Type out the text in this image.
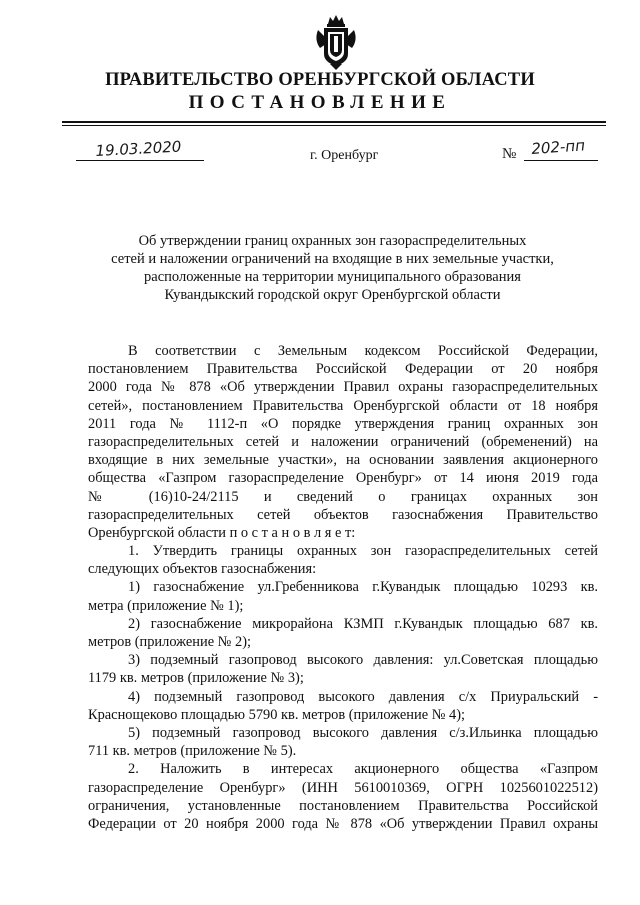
ПРАВИТЕЛЬСТВО ОРЕНБУРГСКОЙ ОБЛАСТИ
ПОСТАНОВЛЕНИЕ
19.03.2020	г. Оренбург	№ 202-пп
Об утверждении границ охранных зон газораспределительных
сетей и наложении ограничений на входящие в них земельные участки,
расположенные на территории муниципального образования
Кувандыкский городской округ Оренбургской области
В соответствии с Земельным кодексом Российской Федерации,
постановлением Правительства Российской Федерации от 20 ноября
2000 года № 878 «Об утверждении Правил охраны газораспределительных
сетей», постановлением Правительства Оренбургской области от 18 ноября
2011 года № 1112-п «О порядке утверждения границ охранных зон
газораспределительных сетей и наложении ограничений (обременений) на
входящие в них земельные участки», на основании заявления акционерного
общества «Газпром газораспределение Оренбург» от 14 июня 2019 года
№ (16)10-24/2115 и сведений о границах охранных зон
газораспределительных сетей объектов газоснабжения Правительство
Оренбургской области п о с т а н о в л я е т:
1. Утвердить границы охранных зон газораспределительных сетей
следующих объектов газоснабжения:
1) газоснабжение ул.Гребенникова г.Кувандык площадью 10293 кв.
метра (приложение № 1);
2) газоснабжение микрорайона КЗМП г.Кувандык площадью 687 кв.
метров (приложение № 2);
3) подземный газопровод высокого давления: ул.Советская площадью
1179 кв. метров (приложение № 3);
4) подземный газопровод высокого давления с/х Приуральский -
Краснощеково площадью 5790 кв. метров (приложение № 4);
5) подземный газопровод высокого давления с/з.Ильинка площадью
711 кв. метров (приложение № 5).
2. Наложить в интересах акционерного общества «Газпром
газораспределение Оренбург» (ИНН 5610010369, ОГРН 1025601022512)
ограничения, установленные постановлением Правительства Российской
Федерации от 20 ноября 2000 года № 878 «Об утверждении Правил охраны
